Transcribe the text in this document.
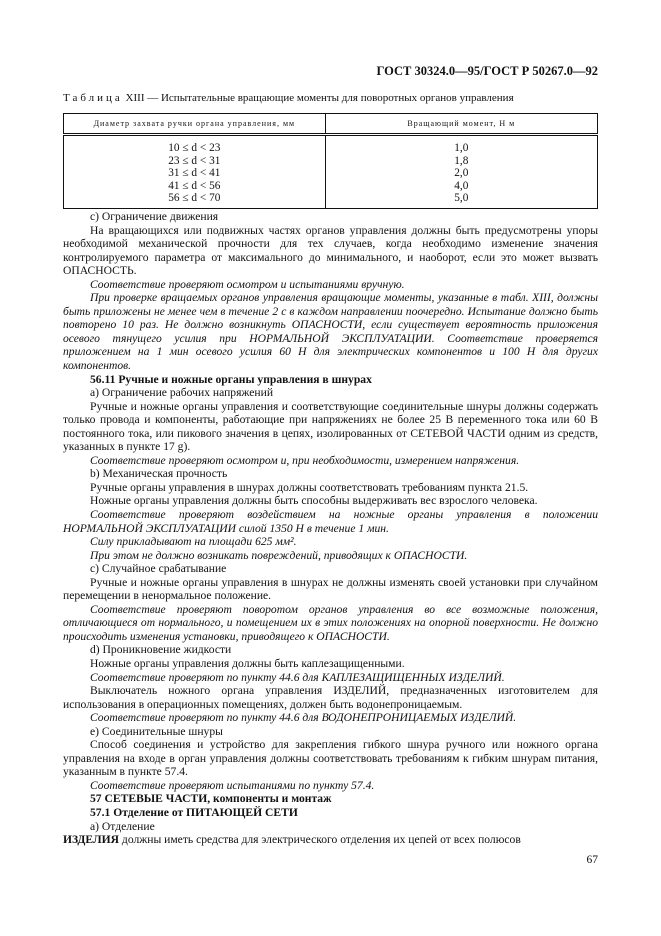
ГОСТ 30324.0—95/ГОСТ Р 50267.0—92
Таблица XIII — Испытательные вращающие моменты для поворотных органов управления
Диаметр захвата ручки органа управления, мм	Вращающий момент, Н м
10 ≤ d < 23	1,0
23 ≤ d < 31	1,8
31 ≤ d < 41	2,0
41 ≤ d < 56	4,0
56 ≤ d < 70	5,0

с) Ограничение движения

На вращающихся или подвижных частях органов управления должны быть предусмотрены упоры необходимой механической прочности для тех случаев, когда необходимо изменение значения контролируемого параметра от максимального до минимального, и наоборот, если это может вызвать ОПАСНОСТЬ.

Соответствие проверяют осмотром и испытаниями вручную.

При проверке вращаемых органов управления вращающие моменты, указанные в табл. XIII, должны быть приложены не менее чем в течение 2 с в каждом направлении поочередно. Испытание должно быть повторено 10 раз. Не должно возникнуть ОПАСНОСТИ, если существует вероятность приложения осевого тянущего усилия при НОРМАЛЬНОЙ ЭКСПЛУАТАЦИИ. Соответствие проверяется приложением на 1 мин осевого усилия 60 Н для электрических компонентов и 100 Н для других компонентов.

56.11 Ручные и ножные органы управления в шнурах

а) Ограничение рабочих напряжений

Ручные и ножные органы управления и соответствующие соединительные шнуры должны содержать только провода и компоненты, работающие при напряжениях не более 25 В переменного тока или 60 В постоянного тока, или пикового значения в цепях, изолированных от СЕТЕВОЙ ЧАСТИ одним из средств, указанных в пункте 17 g).

Соответствие проверяют осмотром и, при необходимости, измерением напряжения.

b) Механическая прочность

Ручные органы управления в шнурах должны соответствовать требованиям пункта 21.5.

Ножные органы управления должны быть способны выдерживать вес взрослого человека.

Соответствие проверяют воздействием на ножные органы управления в положении НОРМАЛЬНОЙ ЭКСПЛУАТАЦИИ силой 1350 Н в течение 1 мин.

Силу прикладывают на площади 625 мм².

При этом не должно возникать повреждений, приводящих к ОПАСНОСТИ.

с) Случайное срабатывание

Ручные и ножные органы управления в шнурах не должны изменять своей установки при случайном перемещении в ненормальное положение.

Соответствие проверяют поворотом органов управления во все возможные положения, отличающиеся от нормального, и помещением их в этих положениях на опорной поверхности. Не должно происходить изменения установки, приводящего к ОПАСНОСТИ.

d) Проникновение жидкости

Ножные органы управления должны быть каплезащищенными.

Соответствие проверяют по пункту 44.6 для КАПЛЕЗАЩИЩЕННЫХ ИЗДЕЛИЙ.

Выключатель ножного органа управления ИЗДЕЛИЙ, предназначенных изготовителем для использования в операционных помещениях, должен быть водонепроницаемым.

Соответствие проверяют по пункту 44.6 для ВОДОНЕПРОНИЦАЕМЫХ ИЗДЕЛИЙ.

е) Соединительные шнуры

Способ соединения и устройство для закрепления гибкого шнура ручного или ножного органа управления на входе в орган управления должны соответствовать требованиям к гибким шнурам питания, указанным в пункте 57.4.

Соответствие проверяют испытаниями по пункту 57.4.

57 СЕТЕВЫЕ ЧАСТИ, компоненты и монтаж

57.1 Отделение от ПИТАЮЩЕЙ СЕТИ

а) Отделение

ИЗДЕЛИЯ должны иметь средства для электрического отделения их цепей от всех полюсов

67
